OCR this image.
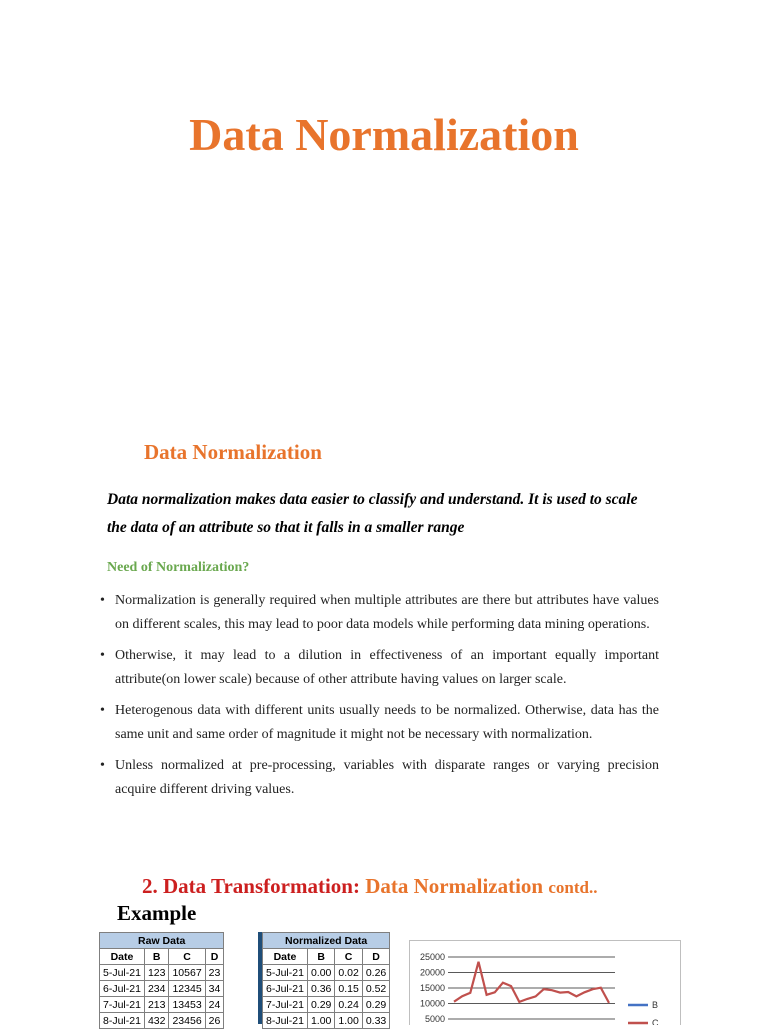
Data Normalization
Data Normalization

Data normalization makes data easier to classify and understand. It is used to scale the data of an attribute so that it falls in a smaller range

Need of Normalization?

• Normalization is generally required when multiple attributes are there but attributes have values on different scales, this may lead to poor data models while performing data mining operations.
• Otherwise, it may lead to a dilution in effectiveness of an important equally important attribute(on lower scale) because of other attribute having values on larger scale.
• Heterogenous data with different units usually needs to be normalized. Otherwise, data has the same unit and same order of magnitude it might not be necessary with normalization.
• Unless normalized at pre-processing, variables with disparate ranges or varying precision acquire different driving values.
2. Data Transformation: Data Normalization contd..
Example
Raw Data			
Date	B	C	D
5-Jul-21	123	10567	23
6-Jul-21	234	12345	34
7-Jul-21	213	13453	24
8-Jul-21	432	23456	26
Normalized Data			
Date	B	C	D
5-Jul-21	0.00	0.02	0.26
6-Jul-21	0.36	0.15	0.52
7-Jul-21	0.29	0.24	0.29
8-Jul-21	1.00	1.00	0.33
25000
20000
15000
10000
5000
B
C
